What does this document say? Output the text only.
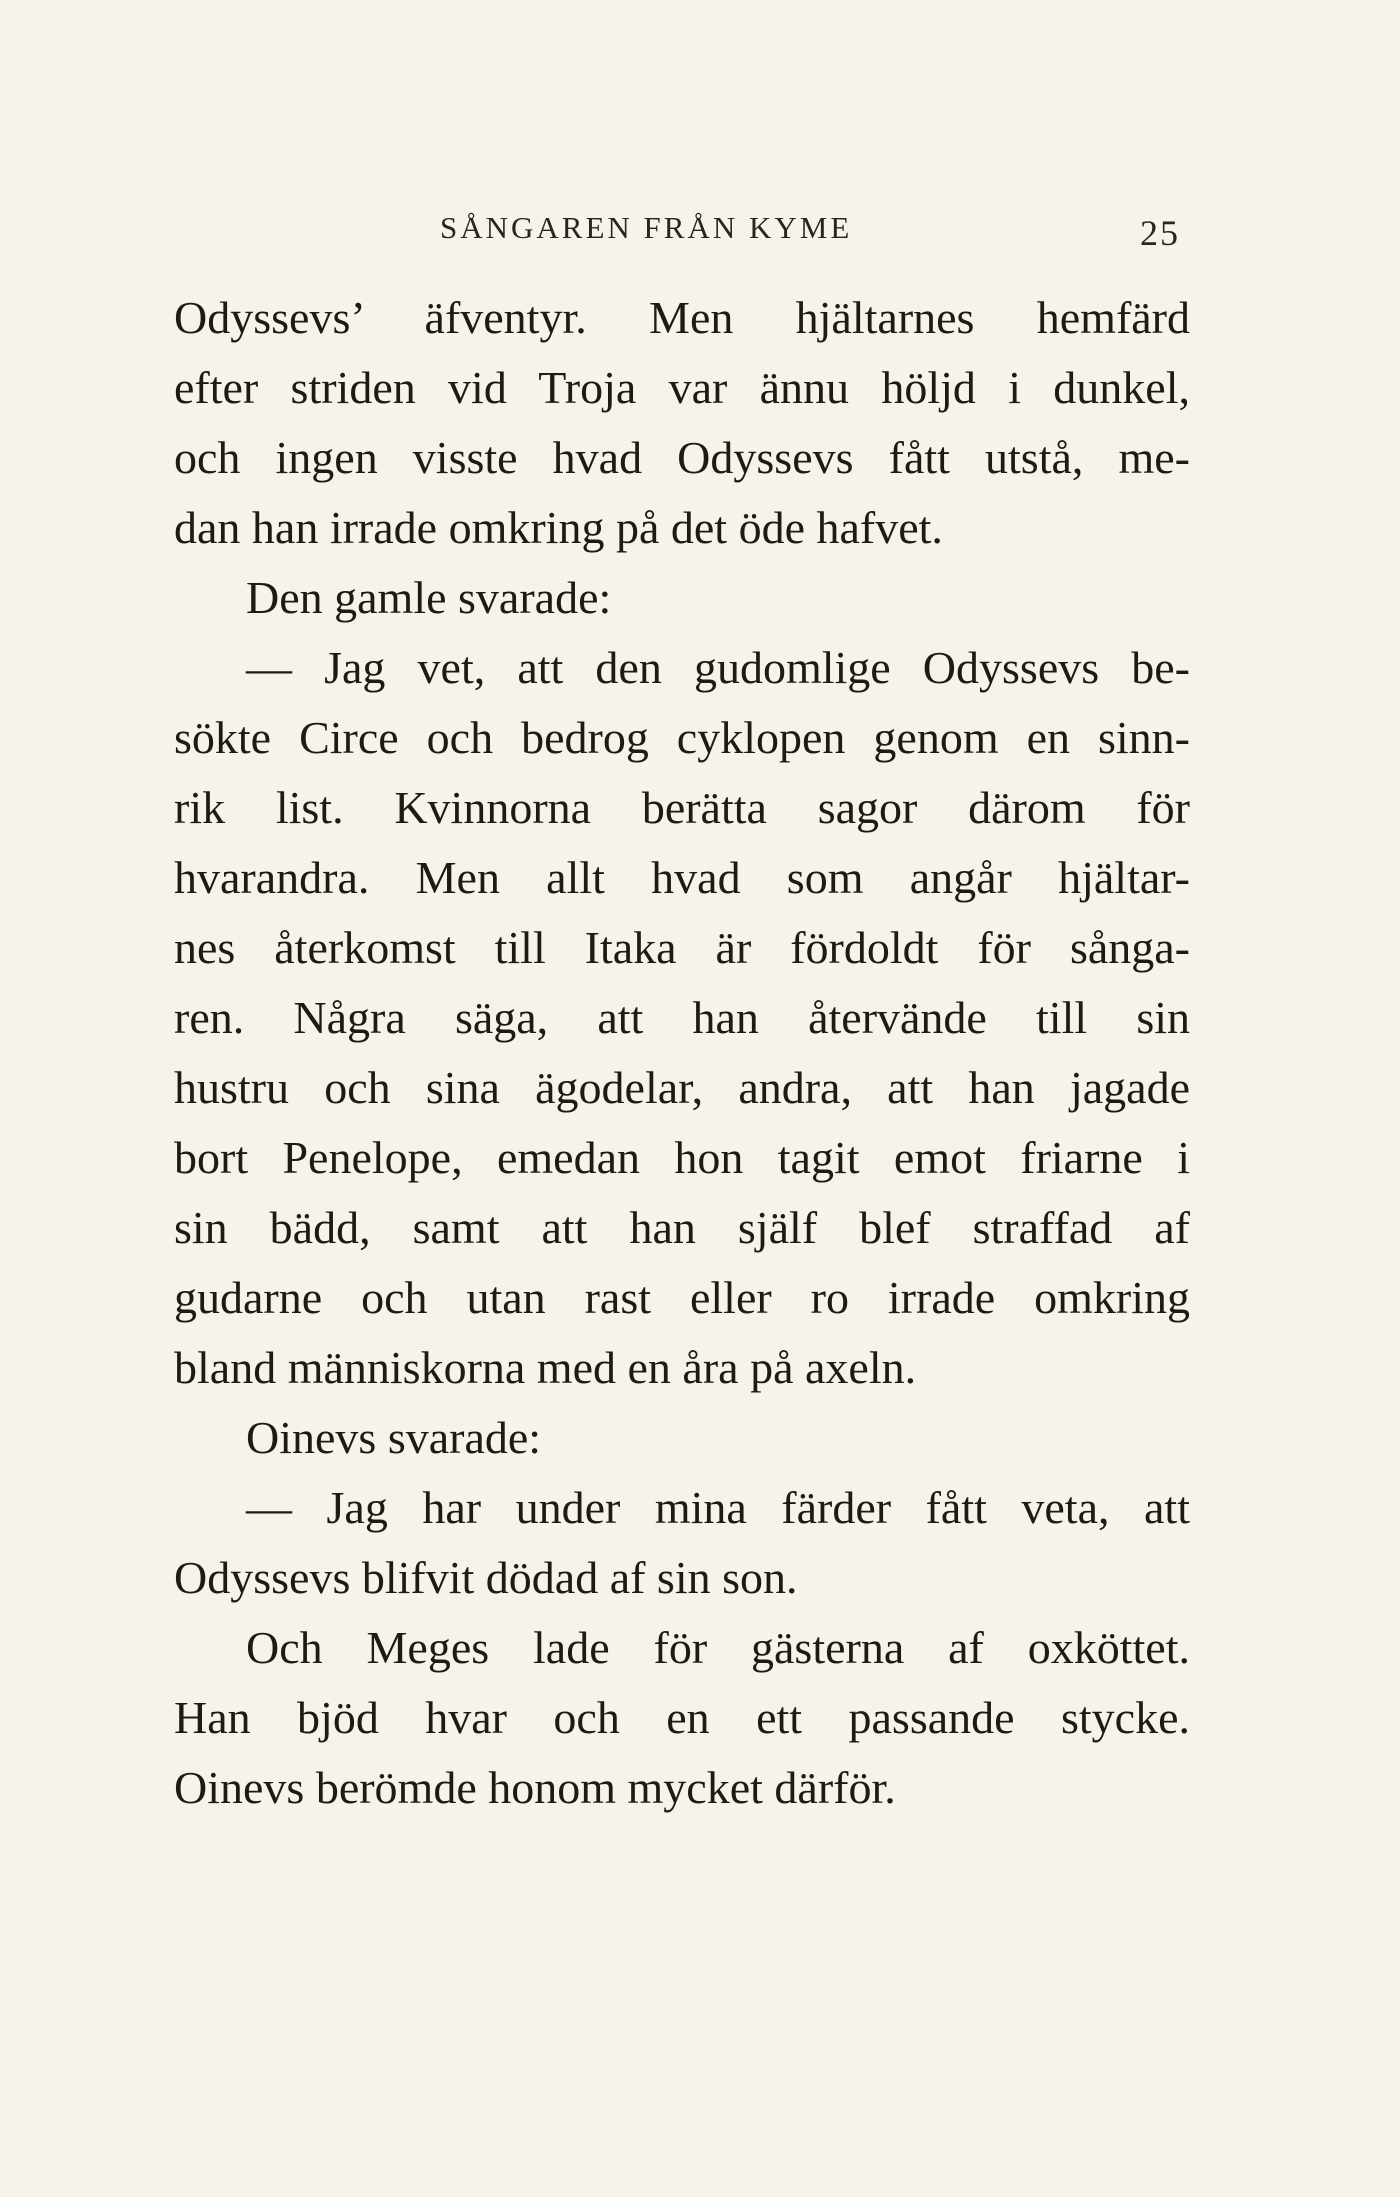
SÅNGAREN FRÅN KYME	25
Odyssevs’ äfventyr. Men hjältarnes hemfärd
efter striden vid Troja var ännu höljd i dunkel,
och ingen visste hvad Odyssevs fått utstå, me-
dan han irrade omkring på det öde hafvet.
Den gamle svarade:
— Jag vet, att den gudomlige Odyssevs be-
sökte Circe och bedrog cyklopen genom en sinn-
rik list. Kvinnorna berätta sagor därom för
hvarandra. Men allt hvad som angår hjältar-
nes återkomst till Itaka är fördoldt för sånga-
ren. Några säga, att han återvände till sin
hustru och sina ägodelar, andra, att han jagade
bort Penelope, emedan hon tagit emot friarne i
sin bädd, samt att han själf blef straffad af
gudarne och utan rast eller ro irrade omkring
bland människorna med en åra på axeln.
Oinevs svarade:
— Jag har under mina färder fått veta, att
Odyssevs blifvit dödad af sin son.
Och Meges lade för gästerna af oxköttet.
Han bjöd hvar och en ett passande stycke.
Oinevs berömde honom mycket därför.
